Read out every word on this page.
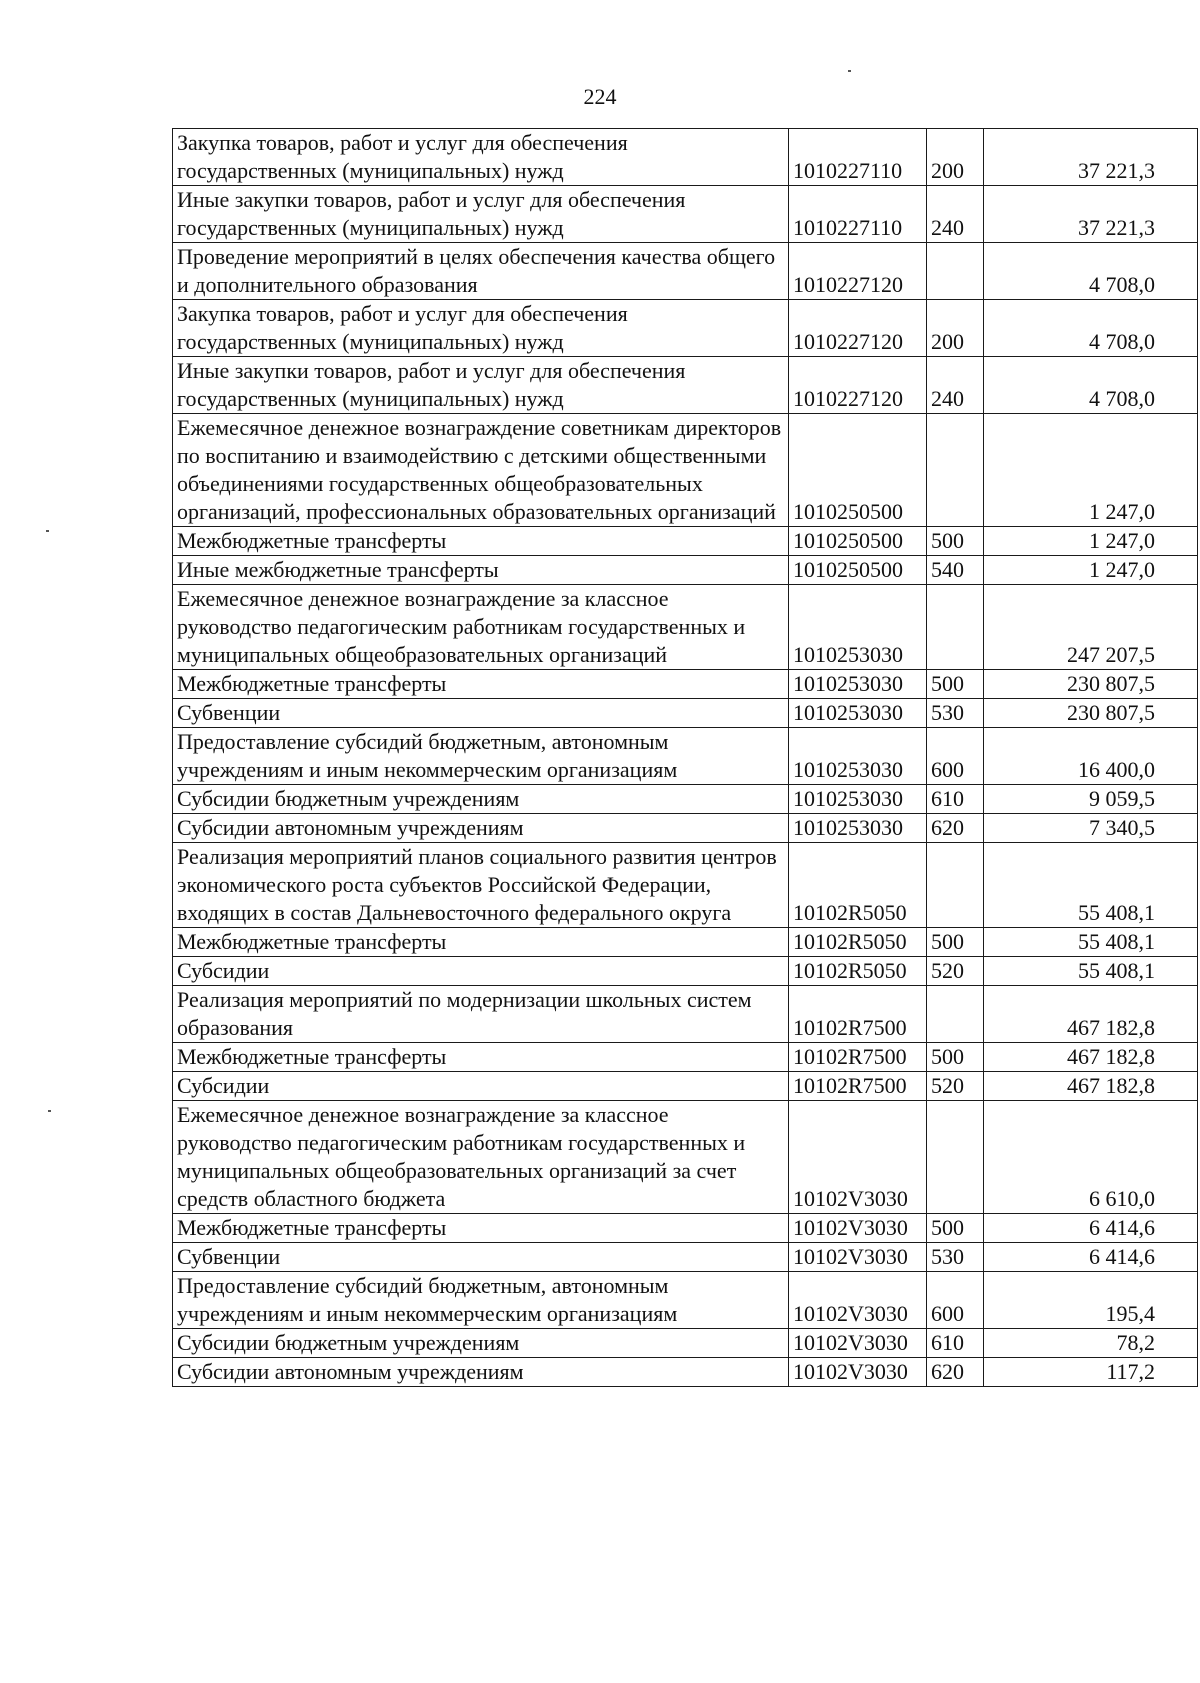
224
Закупка товаров, работ и услуг для обеспечения государственных (муниципальных) нужд	1010227110	200	37 221,3
Иные закупки товаров, работ и услуг для обеспечения государственных (муниципальных) нужд	1010227110	240	37 221,3
Проведение мероприятий в целях обеспечения качества общего и дополнительного образования	1010227120		4 708,0
Закупка товаров, работ и услуг для обеспечения государственных (муниципальных) нужд	1010227120	200	4 708,0
Иные закупки товаров, работ и услуг для обеспечения государственных (муниципальных) нужд	1010227120	240	4 708,0
Ежемесячное денежное вознаграждение советникам директоров по воспитанию и взаимодействию с детскими общественными объединениями государственных общеобразовательных организаций, профессиональных образовательных организаций	1010250500		1 247,0
Межбюджетные трансферты	1010250500	500	1 247,0
Иные межбюджетные трансферты	1010250500	540	1 247,0
Ежемесячное денежное вознаграждение за классное руководство педагогическим работникам государственных и муниципальных общеобразовательных организаций	1010253030		247 207,5
Межбюджетные трансферты	1010253030	500	230 807,5
Субвенции	1010253030	530	230 807,5
Предоставление субсидий бюджетным, автономным учреждениям и иным некоммерческим организациям	1010253030	600	16 400,0
Субсидии бюджетным учреждениям	1010253030	610	9 059,5
Субсидии автономным учреждениям	1010253030	620	7 340,5
Реализация мероприятий планов социального развития центров экономического роста субъектов Российской Федерации, входящих в состав Дальневосточного федерального округа	10102R5050		55 408,1
Межбюджетные трансферты	10102R5050	500	55 408,1
Субсидии	10102R5050	520	55 408,1
Реализация мероприятий по модернизации школьных систем образования	10102R7500		467 182,8
Межбюджетные трансферты	10102R7500	500	467 182,8
Субсидии	10102R7500	520	467 182,8
Ежемесячное денежное вознаграждение за классное руководство педагогическим работникам государственных и муниципальных общеобразовательных организаций за счет средств областного бюджета	10102V3030		6 610,0
Межбюджетные трансферты	10102V3030	500	6 414,6
Субвенции	10102V3030	530	6 414,6
Предоставление субсидий бюджетным, автономным учреждениям и иным некоммерческим организациям	10102V3030	600	195,4
Субсидии бюджетным учреждениям	10102V3030	610	78,2
Субсидии автономным учреждениям	10102V3030	620	117,2
